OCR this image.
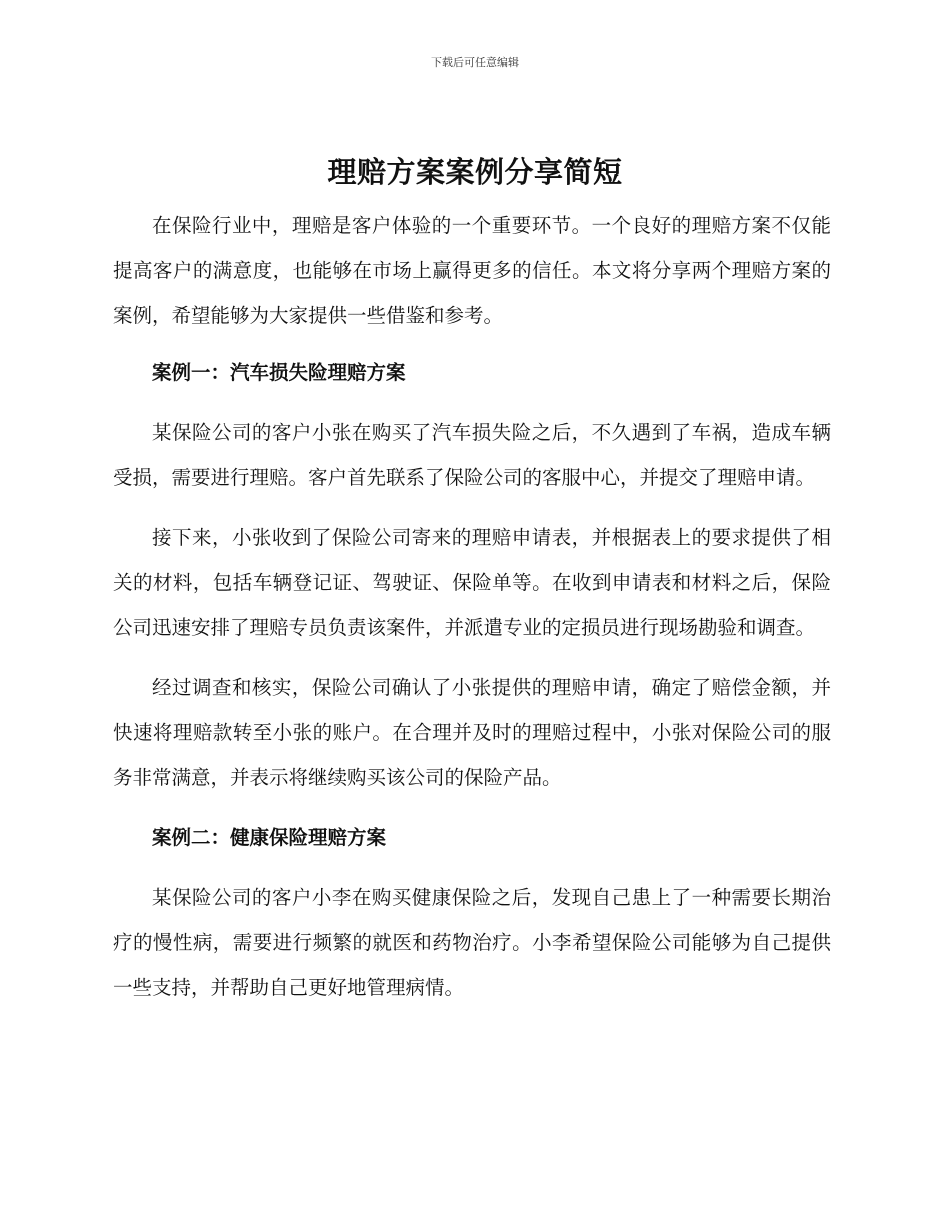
下载后可任意编辑
理赔方案案例分享简短

在保险行业中，理赔是客户体验的一个重要环节。一个良好的理赔方案不仅能提高客户的满意度，也能够在市场上赢得更多的信任。本文将分享两个理赔方案的案例，希望能够为大家提供一些借鉴和参考。

案例一：汽车损失险理赔方案

某保险公司的客户小张在购买了汽车损失险之后，不久遇到了车祸，造成车辆受损，需要进行理赔。客户首先联系了保险公司的客服中心，并提交了理赔申请。

接下来，小张收到了保险公司寄来的理赔申请表，并根据表上的要求提供了相关的材料，包括车辆登记证、驾驶证、保险单等。在收到申请表和材料之后，保险公司迅速安排了理赔专员负责该案件，并派遣专业的定损员进行现场勘验和调查。

经过调查和核实，保险公司确认了小张提供的理赔申请，确定了赔偿金额，并快速将理赔款转至小张的账户。在合理并及时的理赔过程中，小张对保险公司的服务非常满意，并表示将继续购买该公司的保险产品。

案例二：健康保险理赔方案

某保险公司的客户小李在购买健康保险之后，发现自己患上了一种需要长期治疗的慢性病，需要进行频繁的就医和药物治疗。小李希望保险公司能够为自己提供一些支持，并帮助自己更好地管理病情。
